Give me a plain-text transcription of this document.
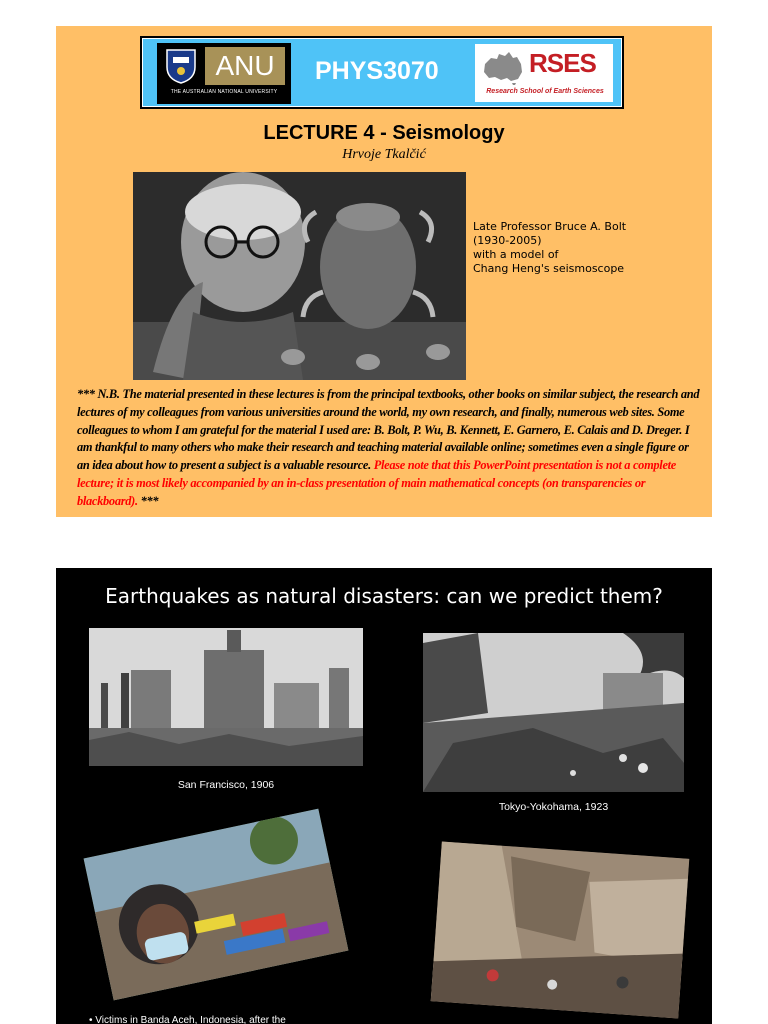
ANU
THE AUSTRALIAN NATIONAL UNIVERSITY
PHYS3070	RSES
Research School of Earth Sciences
LECTURE 4 - Seismology
Hrvoje Tkalčić
Late Professor Bruce A. Bolt
(1930-2005)
with a model of
Chang Heng's seismoscope
*** N.B. The material presented in these lectures is from the principal textbooks, other books on similar subject, the research and lectures of my colleagues from various universities around the world, my own research, and finally, numerous web sites. Some colleagues to whom I am grateful for the material I used are: B. Bolt, P. Wu, B. Kennett, E. Garnero, E. Calais and D. Dreger. I am thankful to many others who make their research and teaching material available online; sometimes even a single figure or an idea about how to present a subject is a valuable resource. Please note that this PowerPoint presentation is not a complete lecture; it is most likely accompanied by an in-class presentation of main mathematical concepts (on transparencies or blackboard). ***
Earthquakes as natural disasters: can we predict them?
San Francisco, 1906
Tokyo-Yokohama, 1923
• Victims in Banda Aceh, Indonesia, after the
